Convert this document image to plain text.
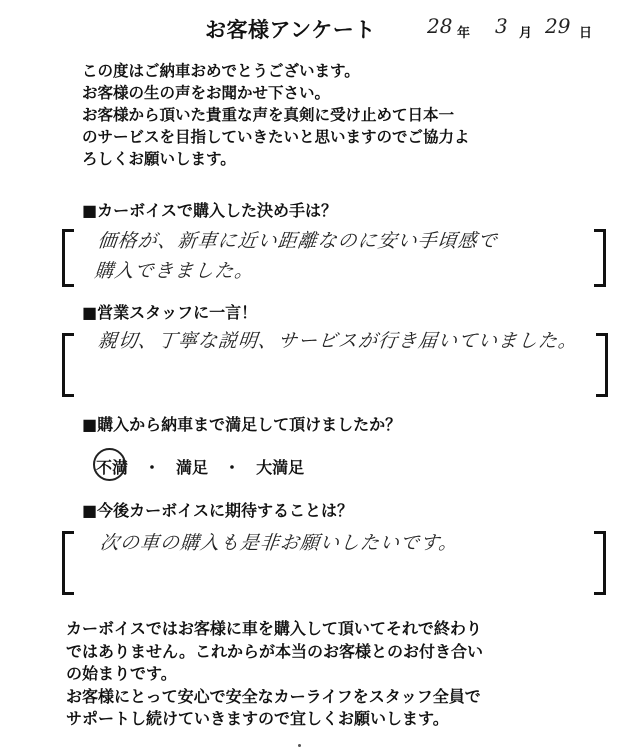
お客様アンケート	28 年 3 月 29 日
この度はご納車おめでとうございます。
お客様の生の声をお聞かせ下さい。
お客様から頂いた貴重な声を真剣に受け止めて日本一
のサービスを目指していきたいと思いますのでご協力よ
ろしくお願いします。
■カーボイスで購入した決め手は？
価格が、新車に近い距離なのに安い手頃感で
購入できました。
■営業スタッフに一言！
親切、丁寧な説明、サービスが行き届いていました。
■購入から納車まで満足して頂けましたか？
不満 ・ 満足 ・ 大満足
■今後カーボイスに期待することは？
次の車の購入も是非お願いしたいです。
カーボイスではお客様に車を購入して頂いてそれで終わり
ではありません。これからが本当のお客様とのお付き合い
の始まりです。
お客様にとって安心で安全なカーライフをスタッフ全員で
サポートし続けていきますので宜しくお願いします。
